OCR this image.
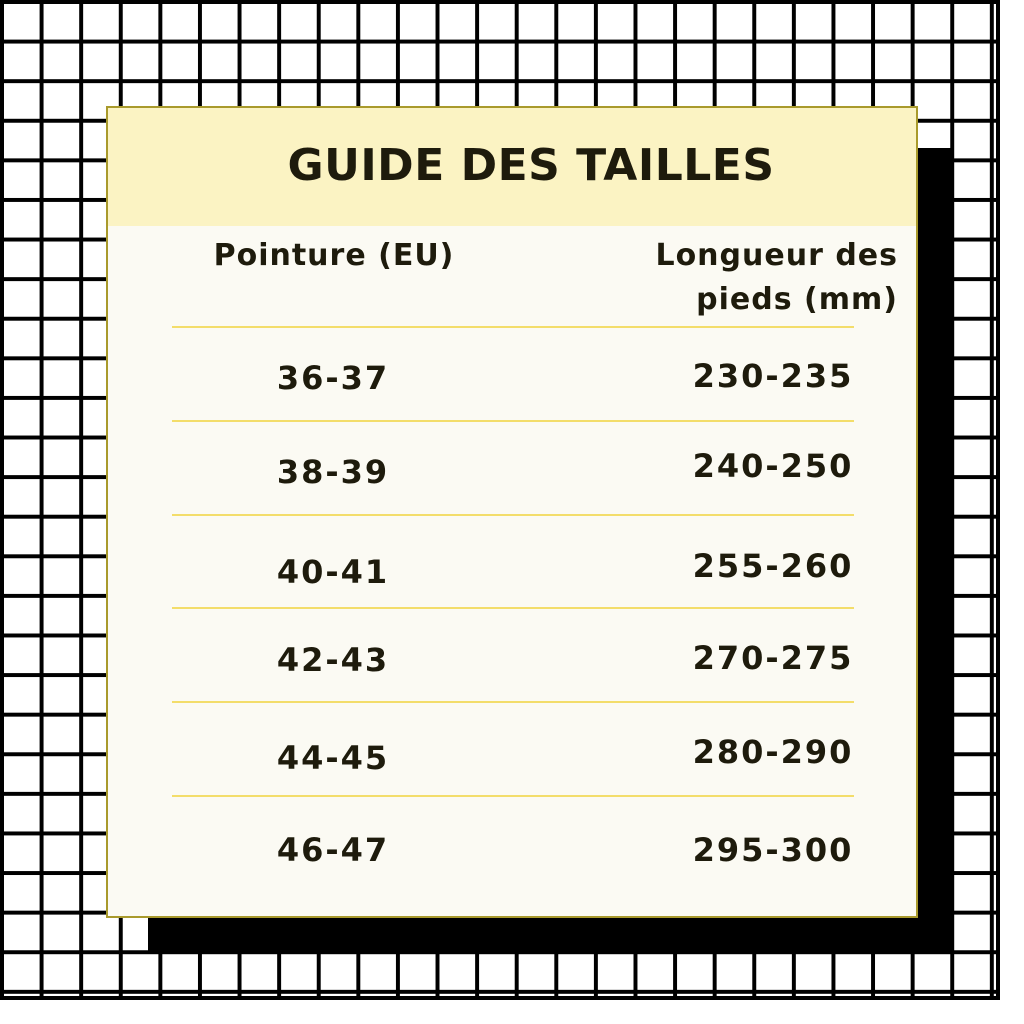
GUIDE DES TAILLES
Pointure (EU)	Longueur des
pieds (mm)
36-37	230-235
38-39	240-250
40-41	255-260
42-43	270-275
44-45	280-290
46-47	295-300
